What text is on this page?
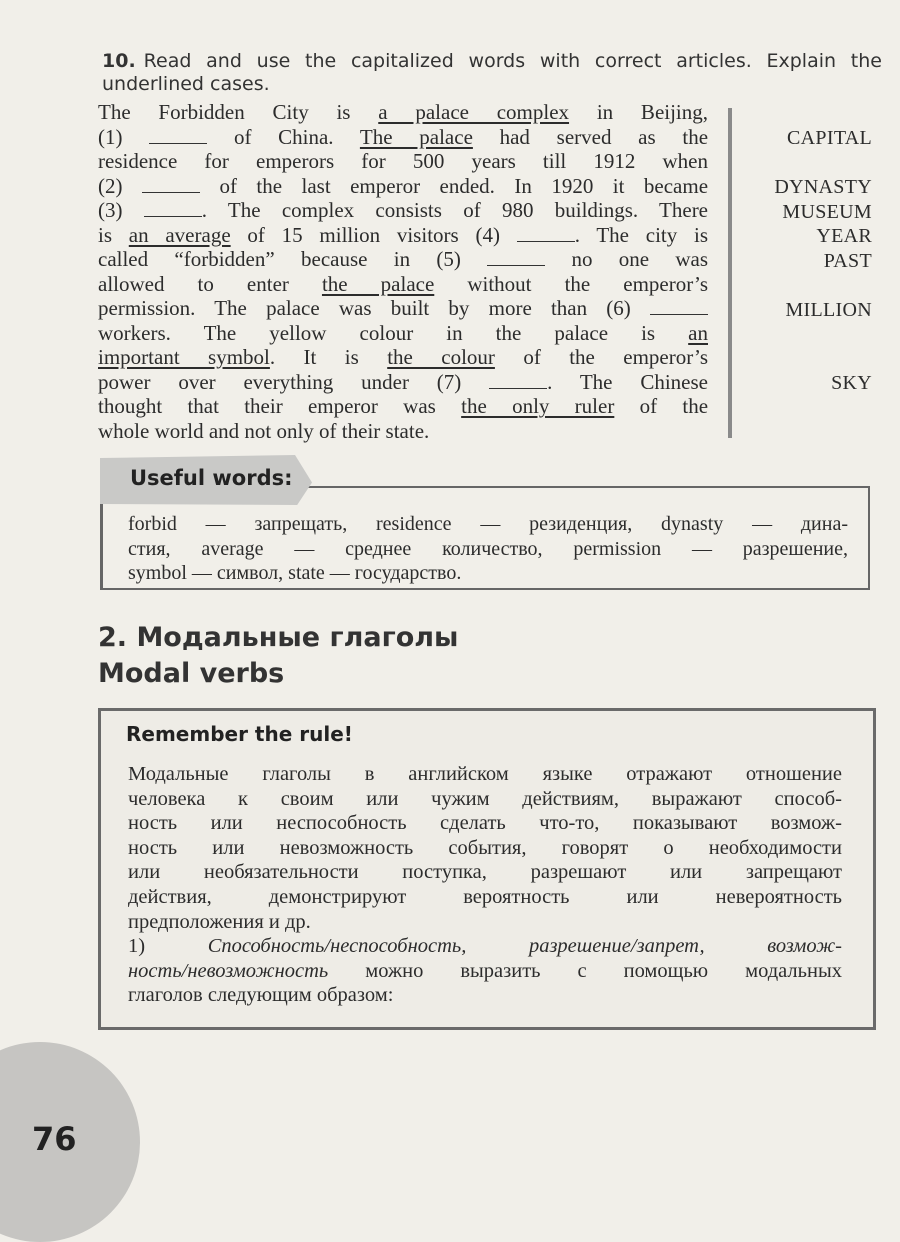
10. Read and use the capitalized words with correct articles. Explain the
underlined cases.
The Forbidden City is a palace complex in Beijing,
(1)	of China. The palace had served as the
residence for emperors for 500 years till 1912 when
(2)	of the last emperor ended. In 1920 it became
(3)	. The complex consists of 980 buildings. There
is an average of 15 million visitors (4)	. The city is
called “forbidden” because in (5)	no one was
allowed to enter the palace without the emperor’s
permission. The palace was built by more than (6)
workers. The yellow colour in the palace is an
important symbol. It is the colour of the emperor’s
power over everything under (7)	. The Chinese
thought that their emperor was the only ruler of the
whole world and not only of their state.
CAPITAL
DYNASTY
MUSEUM
YEAR
PAST
MILLION
SKY
Useful words:
forbid — запрещать, residence — резиденция, dynasty — дина-
стия, average — среднее количество, permission — разрешение,
symbol — символ, state — государство.
2. Модальные глаголы
Modal verbs
Remember the rule!
Модальные глаголы в английском языке отражают отношение
человека к своим или чужим действиям, выражают способ-
ность или неспособность сделать что-то, показывают возмож-
ность или невозможность события, говорят о необходимости
или необязательности поступка, разрешают или запрещают
действия, демонстрируют вероятность или невероятность
предположения и др.
1)	Способность/неспособность, разрешение/запрет, возмож-
ность/невозможность можно выразить с помощью модальных
глаголов следующим образом:
76
